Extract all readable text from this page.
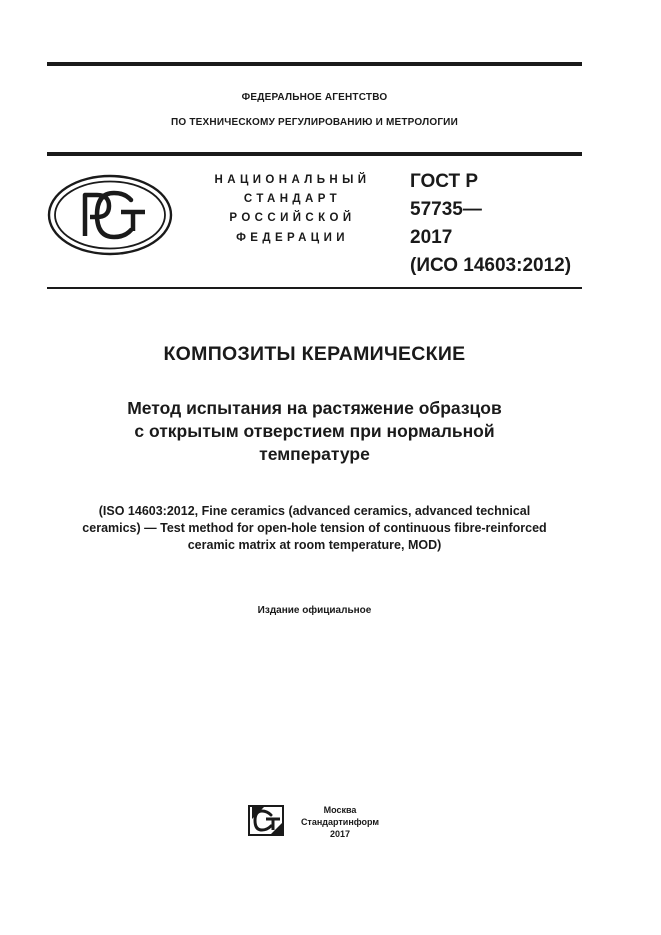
ФЕДЕРАЛЬНОЕ АГЕНТСТВО
ПО ТЕХНИЧЕСКОМУ РЕГУЛИРОВАНИЮ И МЕТРОЛОГИИ
НАЦИОНАЛЬНЫЙ
СТАНДАРТ
РОССИЙСКОЙ
ФЕДЕРАЦИИ
ГОСТ Р
57735—
2017
(ИСО 14603:2012)
КОМПОЗИТЫ КЕРАМИЧЕСКИЕ
Метод испытания на растяжение образцов
с открытым отверстием при нормальной
температуре
(ISO 14603:2012, Fine ceramics (advanced ceramics, advanced technical
ceramics) — Test method for open-hole tension of continuous fibre-reinforced
ceramic matrix at room temperature, MOD)
Издание официальное
Москва
Стандартинформ
2017
